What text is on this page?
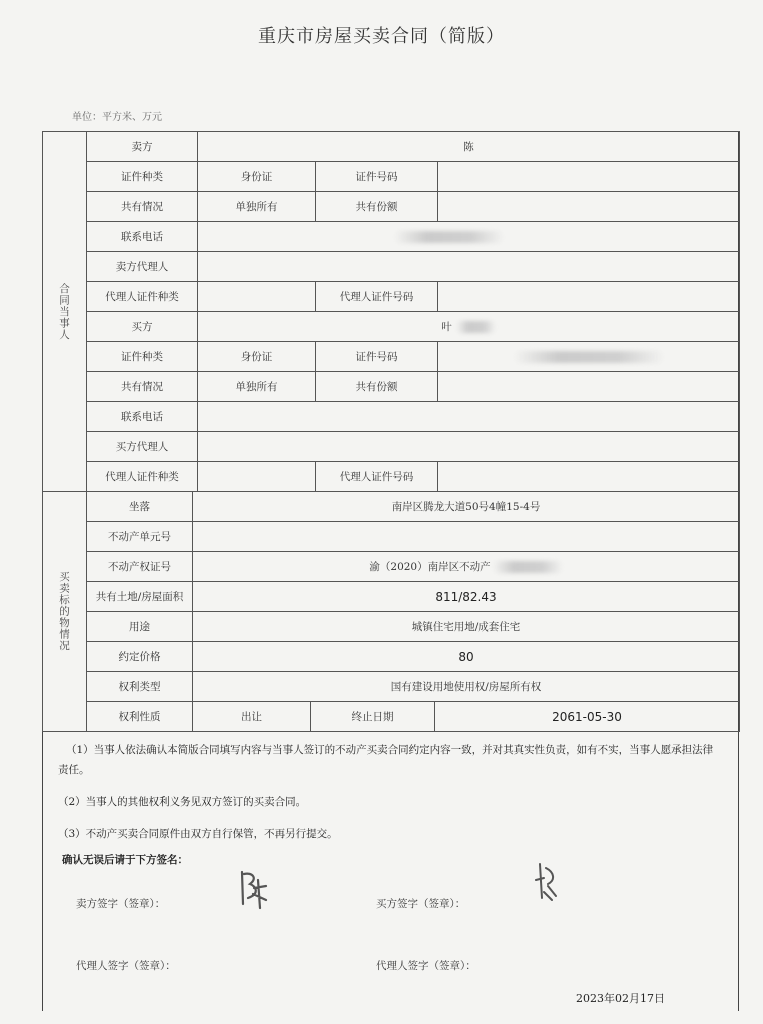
重庆市房屋买卖合同（简版）
单位：平方米、万元
合同当事人	卖方	陈		
	证件种类	身份证	证件号码	
	共有情况	单独所有	共有份额	
	联系电话			
	卖方代理人			
	代理人证件种类		代理人证件号码	
	买方	叶		
	证件种类	身份证	证件号码	
	共有情况	单独所有	共有份额	
	联系电话			
	买方代理人			
	代理人证件种类		代理人证件号码	
买卖标的物情况	坐落	南岸区腾龙大道50号4幢15-4号		
	不动产单元号			
	不动产权证号	渝（2020）南岸区不动产		
	共有土地/房屋面积	811/82.43		
	用途	城镇住宅用地/成套住宅		
	约定价格	80		
	权利类型	国有建设用地使用权/房屋所有权		
	权利性质	出让	终止日期	2061-05-30
（1）当事人依法确认本简版合同填写内容与当事人签订的不动产买卖合同约定内容一致，并对其真实性负责，如有不实，当事人愿承担法律责任。
（2）当事人的其他权利义务见双方签订的买卖合同。
（3）不动产买卖合同原件由双方自行保管，不再另行提交。
确认无误后请于下方签名：
卖方签字（签章）：	买方签字（签章）：
代理人签字（签章）：	代理人签字（签章）：
2023年02月17日
